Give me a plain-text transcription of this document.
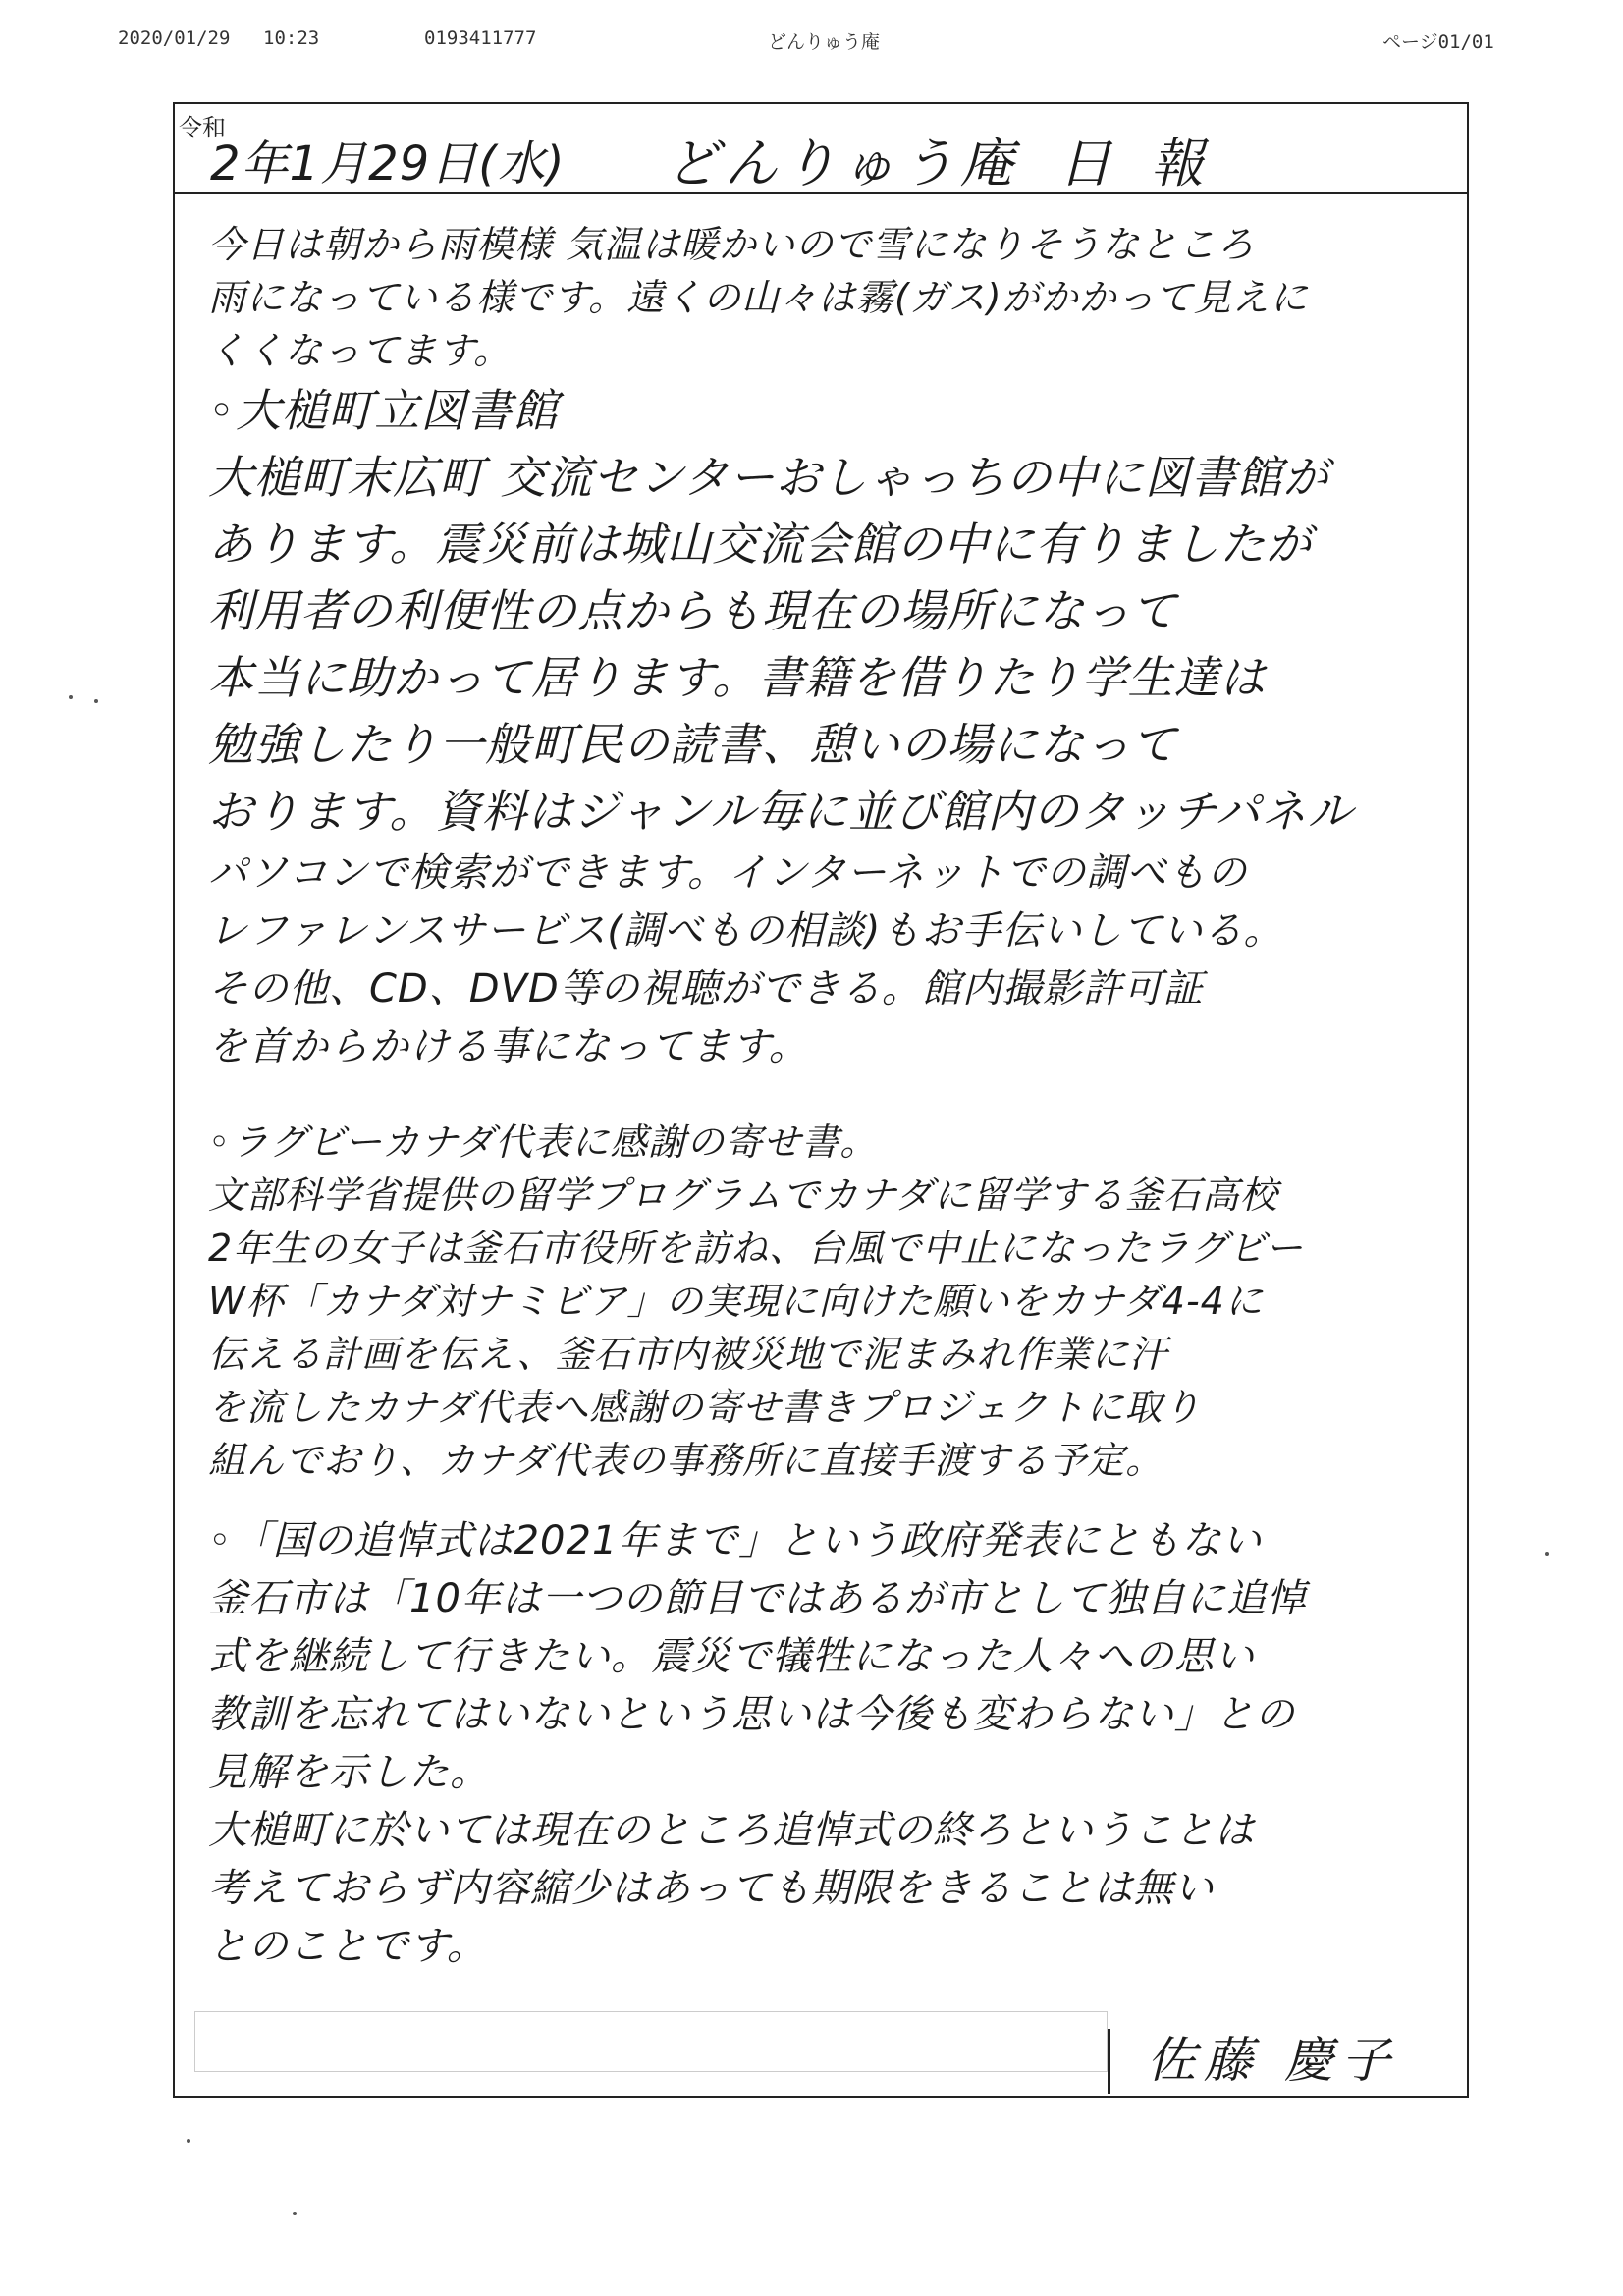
2020/01/29 10:23	0193411777	どんりゅう庵	ページ01/01
令和
2年1月29日(水) どんりゅう庵 日報
今日は朝から雨模様 気温は暖かいので雪になりそうなところ
雨になっている様です。遠くの山々は霧(ガス)がかかって見えに
くくなってます。
◦大槌町立図書館
大槌町末広町 交流センターおしゃっちの中に図書館が
あります。震災前は城山交流会館の中に有りましたが
利用者の利便性の点からも現在の場所になって
本当に助かって居ります。書籍を借りたり学生達は
勉強したり一般町民の読書、憩いの場になって
おります。資料はジャンル毎に並び館内のタッチパネル
パソコンで検索ができます。インターネットでの調べもの
レファレンスサービス(調べもの相談)もお手伝いしている。
その他、CD、DVD等の視聴ができる。館内撮影許可証
を首からかける事になってます。
◦ラグビーカナダ代表に感謝の寄せ書。
文部科学省提供の留学プログラムでカナダに留学する釜石高校
2年生の女子は釜石市役所を訪ね、台風で中止になったラグビー
W杯「カナダ対ナミビア」の実現に向けた願いをカナダ4-4に
伝える計画を伝え、釜石市内被災地で泥まみれ作業に汗
を流したカナダ代表へ感謝の寄せ書きプロジェクトに取り
組んでおり、カナダ代表の事務所に直接手渡する予定。
◦「国の追悼式は2021年まで」という政府発表にともない
釜石市は「10年は一つの節目ではあるが市として独自に追悼
式を継続して行きたい。震災で犠牲になった人々への思い
教訓を忘れてはいないという思いは今後も変わらない」との
見解を示した。
大槌町に於いては現在のところ追悼式の終ろということは
考えておらず内容縮少はあっても期限をきることは無い
とのことです。
佐藤 慶子
